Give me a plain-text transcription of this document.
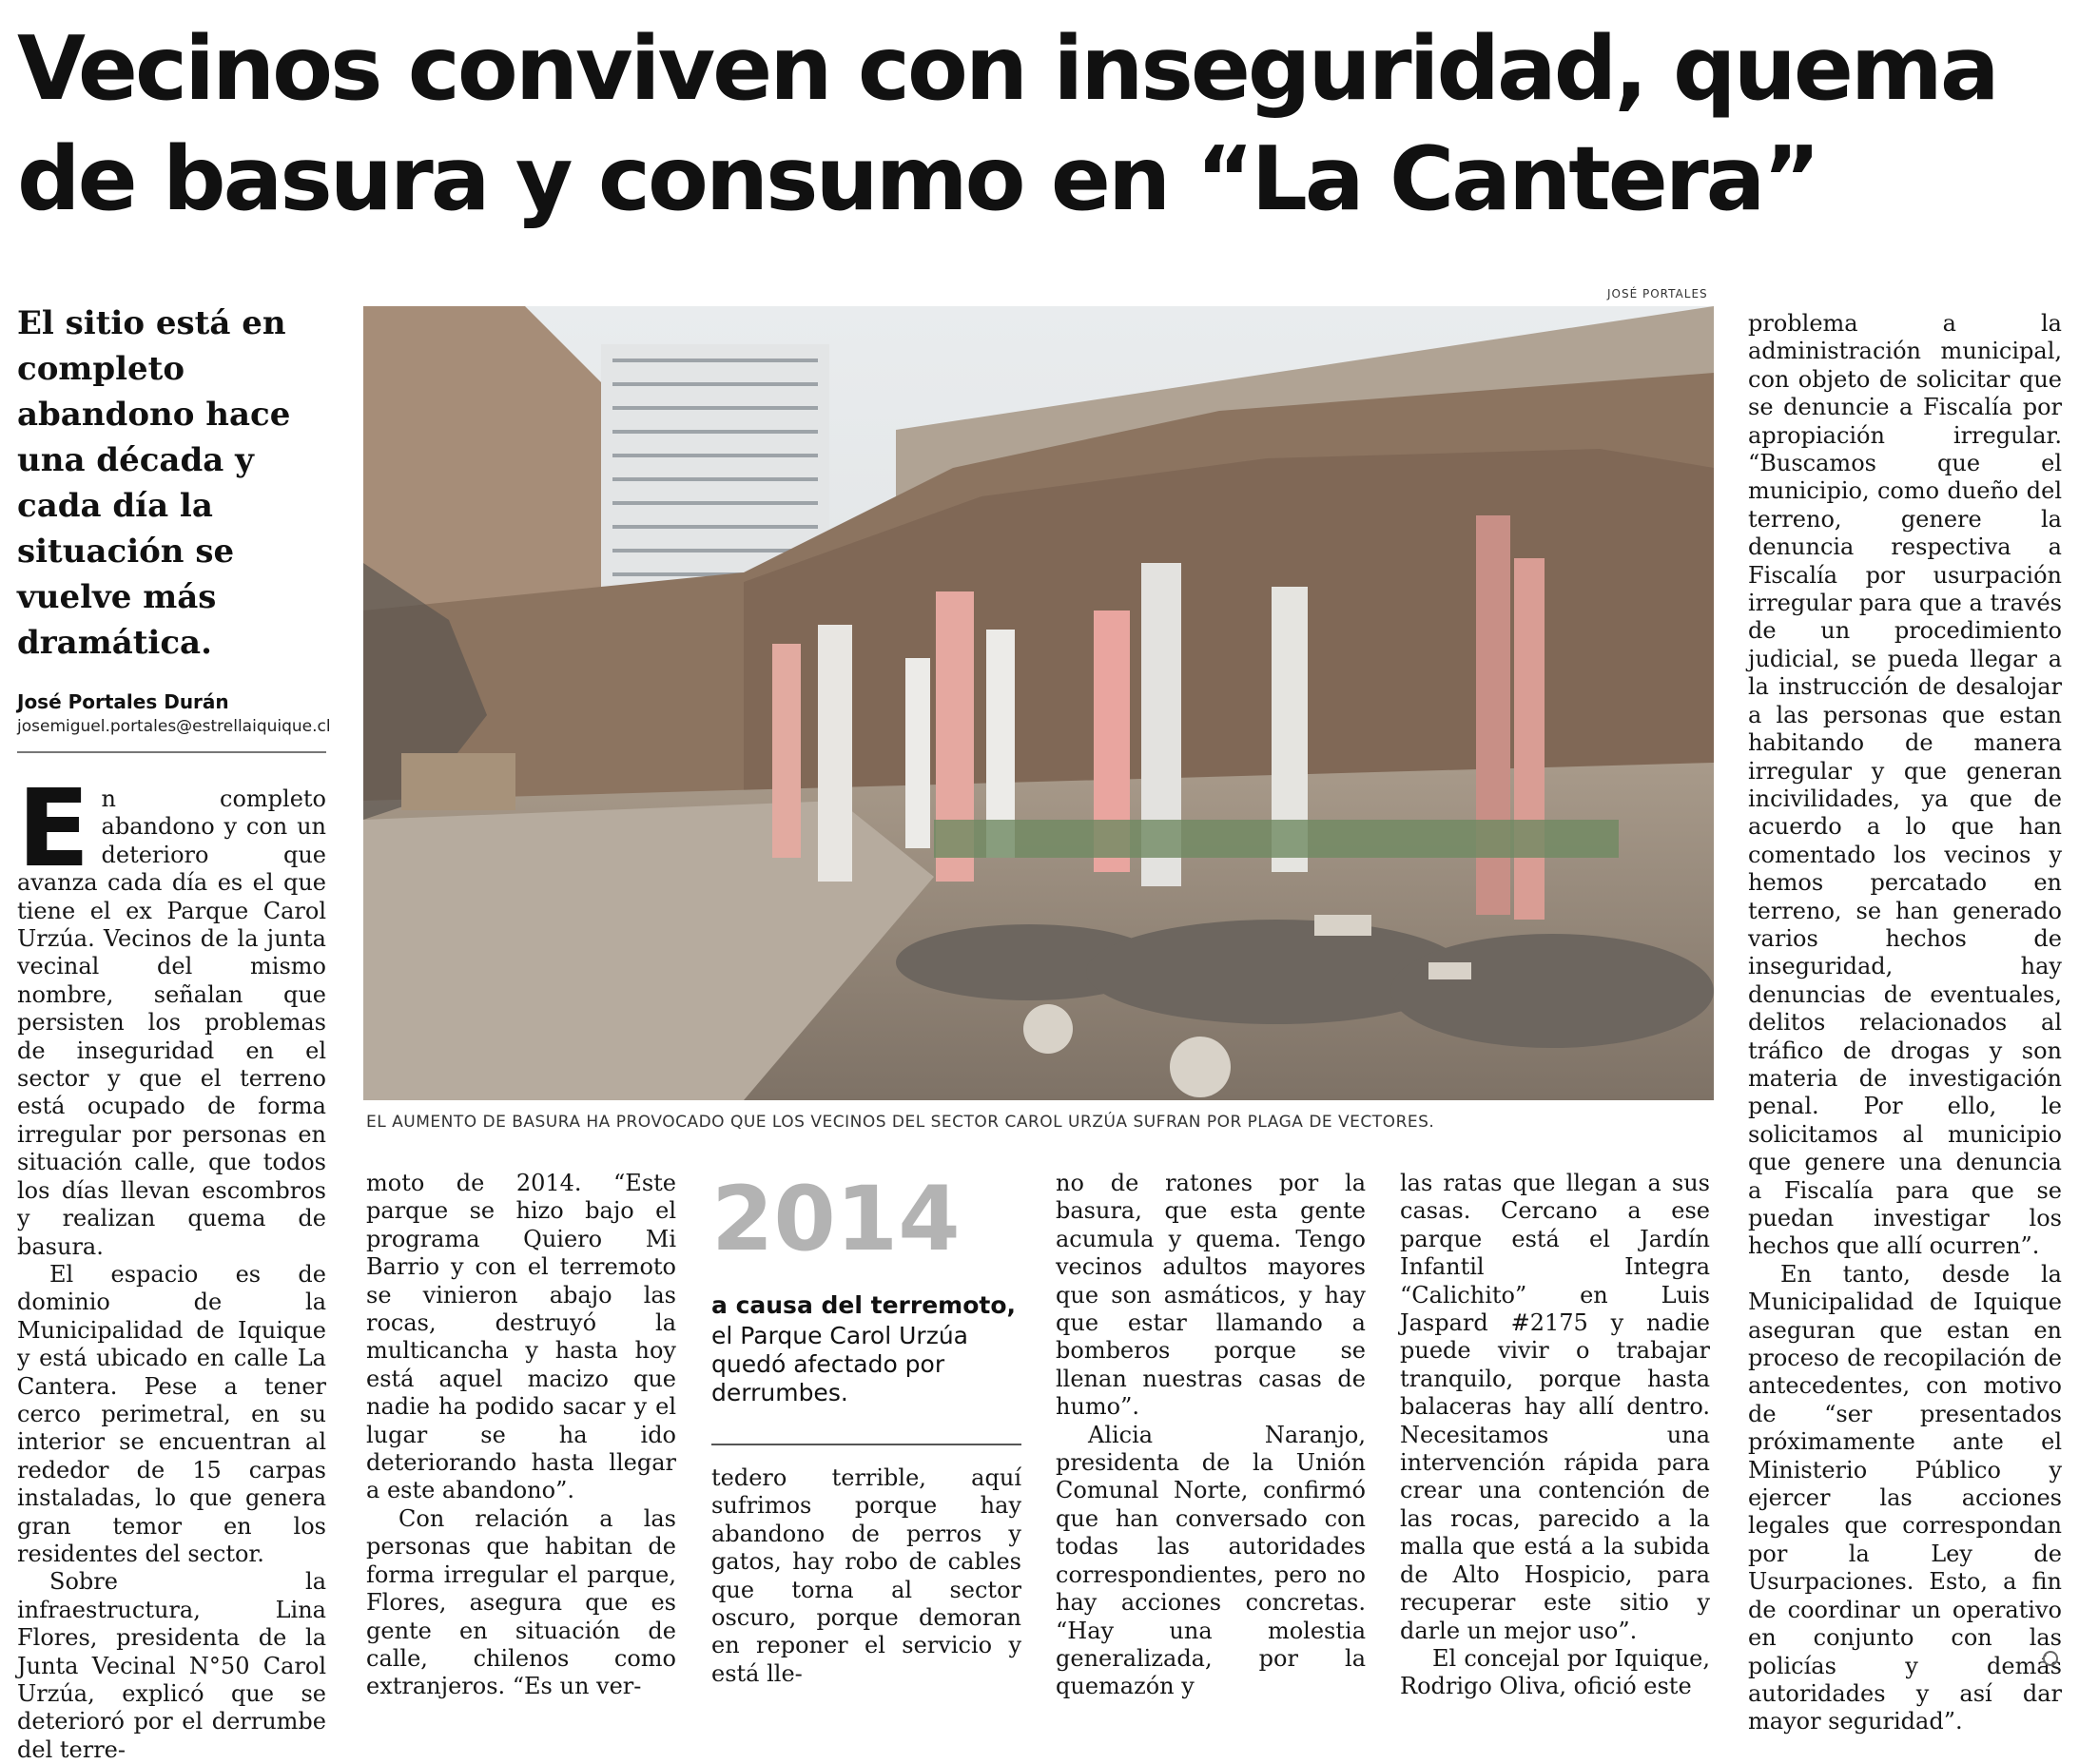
Vecinos conviven con inseguridad, quema
de basura y consumo en “La Cantera”
El sitio está en completo abandono hace una década y cada día la situación se vuelve más dramática.
José Portales Durán
josemiguel.portales@estrellaiquique.cl
JOSÉ PORTALES
EL AUMENTO DE BASURA HA PROVOCADO QUE LOS VECINOS DEL SECTOR CAROL URZÚA SUFRAN POR PLAGA DE VECTORES.

En completo abandono y con un deterioro que avanza cada día es el que tiene el ex Parque Carol Urzúa. Vecinos de la junta vecinal del mismo nombre, señalan que persisten los problemas de inseguridad en el sector y que el terreno está ocupado de forma irregular por personas en situación calle, que todos los días llevan escombros y realizan quema de basura.

El espacio es de dominio de la Municipalidad de Iquique y está ubicado en calle La Cantera. Pese a tener cerco perimetral, en su interior se encuentran al rededor de 15 carpas instaladas, lo que genera gran temor en los residentes del sector.

Sobre la infraestructura, Lina Flores, presidenta de la Junta Vecinal N°50 Carol Urzúa, explicó que se deterioró por el derrumbe del terre-

moto de 2014. “Este parque se hizo bajo el programa Quiero Mi Barrio y con el terremoto se vinieron abajo las rocas, destruyó la multicancha y hasta hoy está aquel macizo que nadie ha podido sacar y el lugar se ha ido deteriorando hasta llegar a este abandono”.

Con relación a las personas que habitan de forma irregular el parque, Flores, asegura que es gente en situación de calle, chilenos como extranjeros. “Es un ver-

2014
a causa del terremoto,
el Parque Carol Urzúa quedó afectado por derrumbes.

tedero terrible, aquí sufrimos porque hay abandono de perros y gatos, hay robo de cables que torna al sector oscuro, porque demoran en reponer el servicio y está lle-

no de ratones por la basura, que esta gente acumula y quema. Tengo vecinos adultos mayores que son asmáticos, y hay que estar llamando a bomberos porque se llenan nuestras casas de humo”.

Alicia Naranjo, presidenta de la Unión Comunal Norte, confirmó que han conversado con todas las autoridades correspondientes, pero no hay acciones concretas. “Hay una molestia generalizada, por la quemazón y

las ratas que llegan a sus casas. Cercano a ese parque está el Jardín Infantil Integra “Calichito” en Luis Jaspard #2175 y nadie puede vivir o trabajar tranquilo, porque hasta balaceras hay allí dentro. Necesitamos una intervención rápida para crear una contención de las rocas, parecido a la malla que está a la subida de Alto Hospicio, para recuperar este sitio y darle un mejor uso”.

El concejal por Iquique, Rodrigo Oliva, ofició este

problema a la administración municipal, con objeto de solicitar que se denuncie a Fiscalía por apropiación irregular. “Buscamos que el municipio, como dueño del terreno, genere la denuncia respectiva a Fiscalía por usurpación irregular para que a través de un procedimiento judicial, se pueda llegar a la instrucción de desalojar a las personas que estan habitando de manera irregular y que generan incivilidades, ya que de acuerdo a lo que han comentado los vecinos y hemos percatado en terreno, se han generado varios hechos de inseguridad, hay denuncias de eventuales, delitos relacionados al tráfico de drogas y son materia de investigación penal. Por ello, le solicitamos al municipio que genere una denuncia a Fiscalía para que se puedan investigar los hechos que allí ocurren”.

En tanto, desde la Municipalidad de Iquique aseguran que estan en proceso de recopilación de antecedentes, con motivo de “ser presentados próximamente ante el Ministerio Público y ejercer las acciones legales que correspondan por la Ley de Usurpaciones. Esto, a fin de coordinar un operativo en conjunto con las policías y demás autoridades y así dar mayor seguridad”.
